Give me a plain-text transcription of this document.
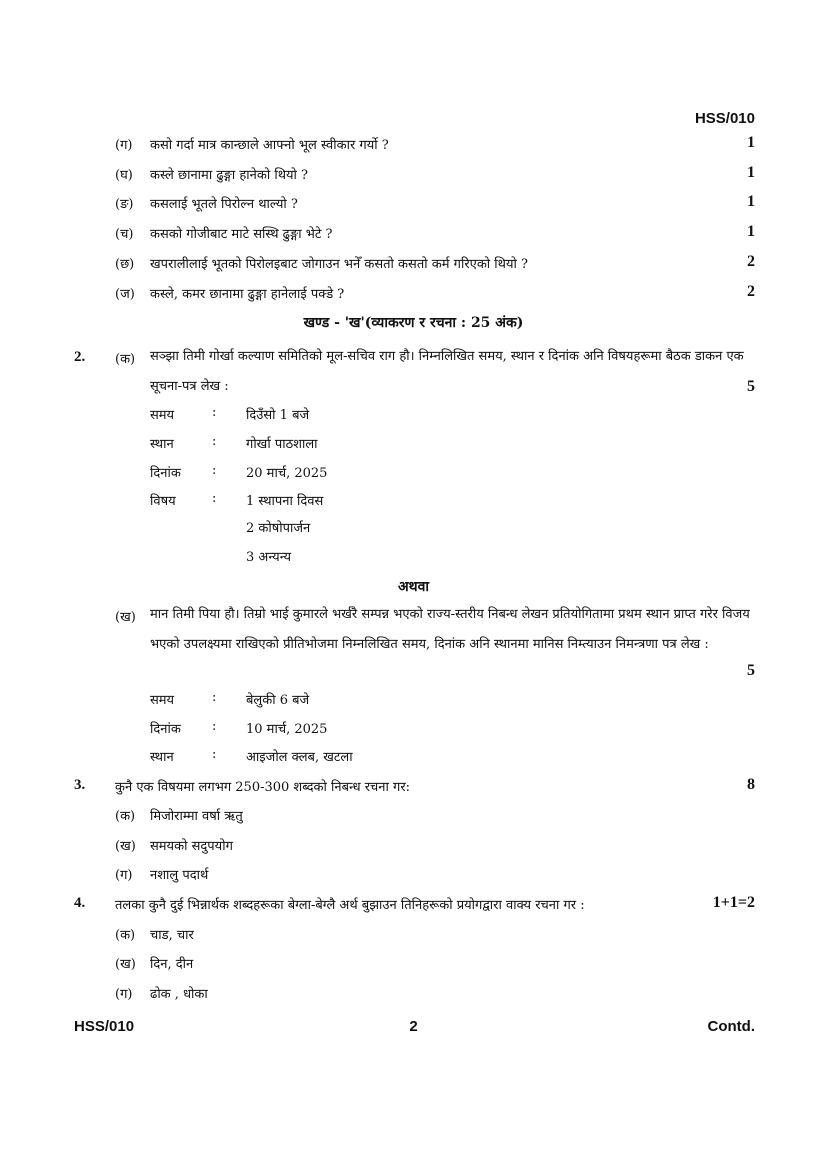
HSS/010
(ग) कसो गर्दा मात्र कान्छाले आफ्नो भूल स्वीकार गर्यो ?	1
(घ) कस्ले छानामा ढुङ्गा हानेको थियो ?	1
(ङ) कसलाई भूतले पिरोल्न थाल्यो ?	1
(च) कसको गोजीबाट माटे सस्थि ढुङ्गा भेटे ?	1
(छ) खपरालीलाई भूतको पिरोलइबाट जोगाउन भनेँ कसतो कसतो कर्म गरिएको थियो ?	2
(ज) कस्ले, कमर छानामा ढुङ्गा हानेलाई पक्डे ?	2
खण्ड - 'ख'(व्याकरण र रचना : 25 अंक)
2. (क) सञ्झा तिमी गोर्खा कल्याण समितिको मूल-सचिव राग हौ। निम्नलिखित समय, स्थान र दिनांक अनि विषयहरूमा बैठक डाकन एक सूचना-पत्र लेख :	5
समय	: दिउँसो 1 बजे
स्थान	: गोर्खा पाठशाला
दिनांक : 20 मार्च, 2025
विषय	: 1 स्थापना दिवस
2 कोषोपार्जन
3 अन्यन्य
अथवा
(ख) मान तिमी पिया हौ। तिम्रो भाई कुमारले भर्खरै सम्पन्न भएको राज्य-स्तरीय निबन्ध लेखन प्रतियोगितामा प्रथम स्थान प्राप्त गरेर विजय भएको उपलक्ष्यमा राखिएको प्रीतिभोजमा निम्नलिखित समय, दिनांक अनि स्थानमा मानिस निम्त्याउन निमन्त्रणा पत्र लेख :
5
समय	: बेलुकी 6 बजे
दिनांक : 10 मार्च, 2025
स्थान	: आइजोल क्लब, खटला
3. कुनै एक विषयमा लगभग 250-300 शब्दको निबन्ध रचना गर:	8
(क) मिजोराम्मा वर्षा ऋतु
(ख) समयको सदुपयोग
(ग) नशालु पदार्थ
4. तलका कुनै दुई भिन्नार्थक शब्दहरूका बेग्ला-बेग्लै अर्थ बुझाउन तिनिहरूको प्रयोगद्वारा वाक्य रचना गर :	1+1=2
(क) चाड, चार
(ख) दिन, दीन
(ग) ढोक , धोका
HSS/010	2	Contd.
